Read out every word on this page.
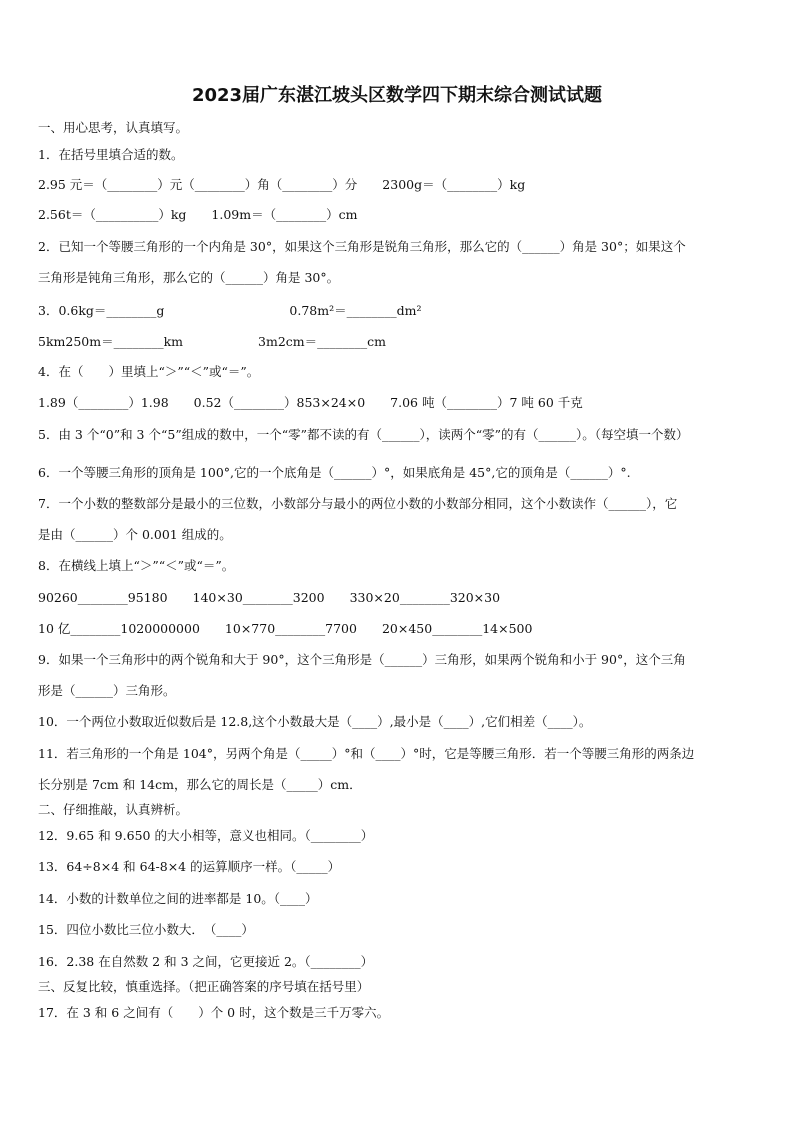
2023届广东湛江坡头区数学四下期末综合测试试题
一、用心思考，认真填写。
1．在括号里填合适的数。
2.95 元＝（________）元（________）角（________）分　　2300g＝（________）kg
2.56t＝（__________）kg　　1.09m＝（________）cm
2．已知一个等腰三角形的一个内角是 30°，如果这个三角形是锐角三角形，那么它的（______）角是 30°；如果这个
三角形是钝角三角形，那么它的（______）角是 30°。
3．0.6kg＝________g　　　　　　　　　　0.78m²＝________dm²
5km250m＝________km　　　　　　3m2cm＝________cm
4．在（　　）里填上“＞”“＜”或“＝”。
1.89（________）1.98　　0.52（________）853×24×0　　7.06 吨（________）7 吨 60 千克
5．由 3 个“0”和 3 个“5”组成的数中，一个“零”都不读的有（______），读两个“零”的有（______）。（每空填一个数）
6．一个等腰三角形的顶角是 100°,它的一个底角是（______）°，如果底角是 45°,它的顶角是（______）°.
7．一个小数的整数部分是最小的三位数，小数部分与最小的两位小数的小数部分相同，这个小数读作（______），它
是由（______）个 0.001 组成的。
8．在横线上填上“＞”“＜”或“＝”。
90260________95180　　140×30________3200　　330×20________320×30
10 亿________1020000000　　10×770________7700　　20×450________14×500
9．如果一个三角形中的两个锐角和大于 90°，这个三角形是（______）三角形，如果两个锐角和小于 90°，这个三角
形是（______）三角形。
10．一个两位小数取近似数后是 12.8,这个小数最大是（____）,最小是（____）,它们相差（____）。
11．若三角形的一个角是 104°，另两个角是（_____）°和（____）°时，它是等腰三角形．若一个等腰三角形的两条边
长分别是 7cm 和 14cm，那么它的周长是（_____）cm．
二、仔细推敲，认真辨析。
12．9.65 和 9.650 的大小相等，意义也相同。（________）
13．64÷8×4 和 64-8×4 的运算顺序一样。（_____）
14．小数的计数单位之间的进率都是 10。（____）
15．四位小数比三位小数大．　（____）
16．2.38 在自然数 2 和 3 之间，它更接近 2。（________）
三、反复比较，慎重选择。（把正确答案的序号填在括号里）
17．在 3 和 6 之间有（　　）个 0 时，这个数是三千万零六。
